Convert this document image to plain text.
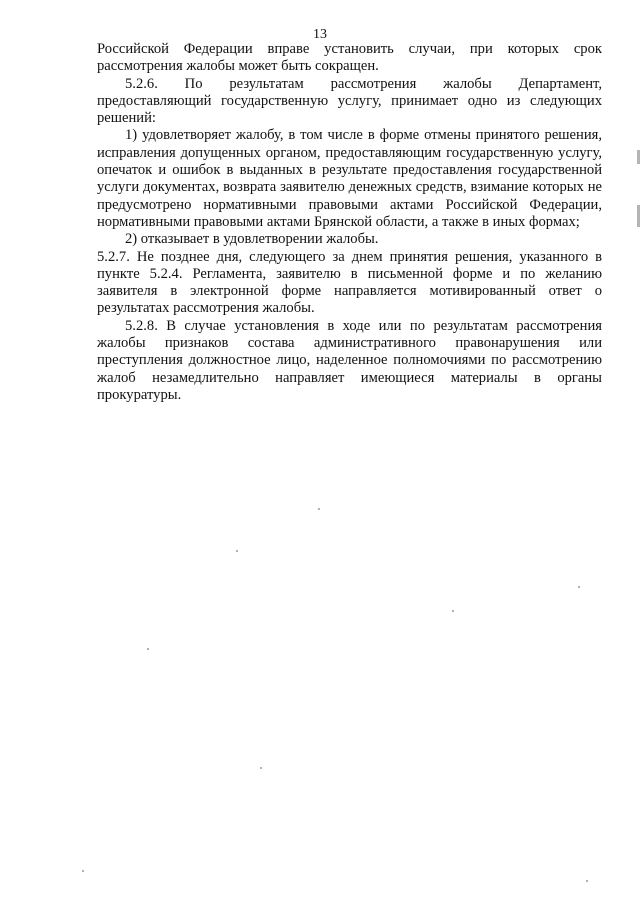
13

Российской Федерации вправе установить случаи, при которых срок рассмотрения жалобы может быть сокращен.

5.2.6. По результатам рассмотрения жалобы Департамент, предоставляющий государственную услугу, принимает одно из следующих решений:

1) удовлетворяет жалобу, в том числе в форме отмены принятого решения, исправления допущенных органом, предоставляющим государственную услугу, опечаток и ошибок в выданных в результате предоставления государственной услуги документах, возврата заявителю денежных средств, взимание которых не предусмотрено нормативными правовыми актами Российской Федерации, нормативными правовыми актами Брянской области, а также в иных формах;

2) отказывает в удовлетворении жалобы.

5.2.7. Не позднее дня, следующего за днем принятия решения, указанного в пункте 5.2.4. Регламента, заявителю в письменной форме и по желанию заявителя в электронной форме направляется мотивированный ответ о результатах рассмотрения жалобы.

5.2.8. В случае установления в ходе или по результатам рассмотрения жалобы признаков состава административного правонарушения или преступления должностное лицо, наделенное полномочиями по рассмотрению жалоб незамедлительно направляет имеющиеся материалы в органы прокуратуры.
